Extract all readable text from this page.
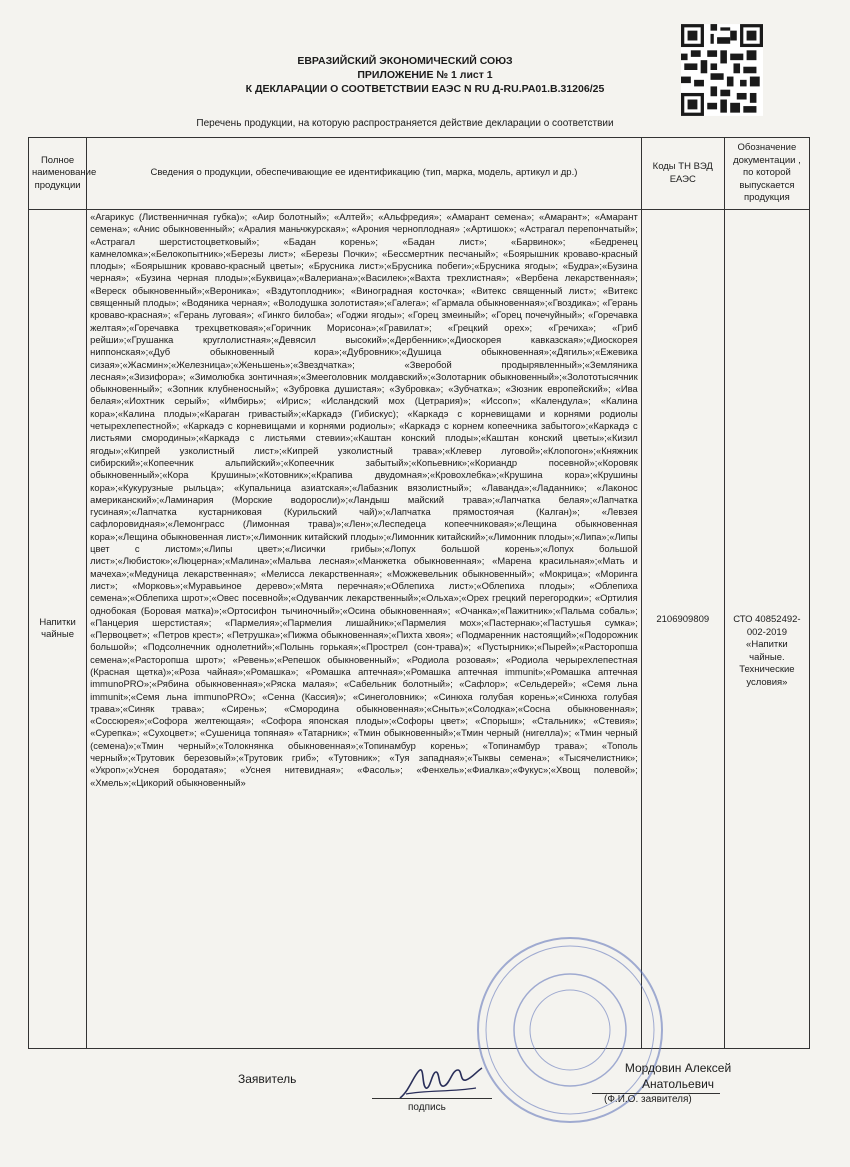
ЕВРАЗИЙСКИЙ ЭКОНОМИЧЕСКИЙ СОЮЗ
ПРИЛОЖЕНИЕ № 1 лист 1
К ДЕКЛАРАЦИИ О СООТВЕТСТВИИ ЕАЭС N RU Д-RU.PA01.B.31206/25
Перечень продукции, на которую распространяется действие декларации о соответствии
Полное наименование продукции	Сведения о продукции, обеспечивающие ее идентификацию (тип, марка, модель, артикул и др.)	Коды ТН ВЭД ЕАЭС	Обозначение документации , по которой выпускается продукция
Напитки чайные	«Агарикус (Лиственничная губка)»; «Аир болотный»; «Алтей»; «Альфредия»; «Амарант семена»; «Амарант»; «Амарант семена»; «Анис обыкновенный»; «Аралия маньчжурская»; «Арония черноплодная» ;«Артишок»; «Астрагал перепончатый»; «Астрагал шерстистоцветковый»; «Бадан корень»; «Бадан лист»; «Барвинок»; «Бедренец камнеломка»;«Белокопытник»;«Березы лист»; «Березы Почки»; «Бессмертник песчаный»; «Боярышник кроваво-красный плоды»; «Боярышник кроваво-красный цветы»; «Брусника лист»;«Брусника побеги»;«Брусника ягоды»; «Будра»;«Бузина черная»; «Бузина черная плоды»;«Буквица»;«Валериана»;«Василек»;«Вахта трехлистная»; «Вербена лекарственная»; «Вереск обыкновенный»;«Вероника»; «Вздутоплодник»; «Виноградная косточка»; «Витекс священный лист»; «Витекс священный плоды»; «Водяника черная»; «Володушка золотистая»;«Галега»; «Гармала обыкновенная»;«Гвоздика»; «Герань кроваво-красная»; «Герань луговая»; «Гинкго билоба»; «Годжи ягоды»; «Горец змеиный»; «Горец почечуйный»; «Горечавка желтая»;«Горечавка трехцветковая»;«Горичник Морисона»;«Гравилат»; «Грецкий орех»; «Гречиха»; «Гриб рейши»;«Грушанка круглолистная»;«Девясил высокий»;«Дербенник»;«Диоскорея кавказская»;«Диоскорея ниппонская»;«Дуб обыкновенный кора»;«Дубровник»;«Душица обыкновенная»;«Дягиль»;«Ежевика сизая»;«Жасмин»;«Железница»;«Женьшень»;«Звездчатка»; «Зверобой продырявленный»;«Земляника лесная»;«Зизифора»; «Зимолюбка зонтичная»;«Змееголовник молдавский»;«Золотарник обыкновенный»;«Золототысячник обыкновенный»; «Зопник клубненосный»; «Зубровка душистая»; «Зубровка»; «Зубчатка»; «Зюзник европейский»; «Ива белая»;«Иохтник серый»; «Имбирь»; «Ирис»; «Исландский мох (Цетрария)»; «Иссоп»; «Календула»; «Калина кора»;«Калина плоды»;«Караган гривастый»;«Каркадэ (Гибискус); «Каркадэ с корневищами и корнями родиолы четырехлепестной»; «Каркадэ с корневищами и корнями родиолы»; «Каркадэ с корнем копеечника забытого»;«Каркадэ с листьями смородины»;«Каркадэ с листьями стевии»;«Каштан конский плоды»;«Каштан конский цветы»;«Кизил ягоды»;«Кипрей узколистный лист»;«Кипрей узколистный трава»;«Клевер луговой»;«Клопогон»;«Княжник сибирский»;«Копеечник альпийский»;«Копеечник забытый»;«Копьевник»;«Кориандр посевной»;«Коровяк обыкновенный»;«Кора Крушины»;«Котовник»;«Крапива двудомная»;«Кровохлебка»;«Крушина кора»;«Крушины кора»;«Кукурузные рыльца»; «Купальница азиатская»;«Лабазник вязолистный»; «Лаванда»;«Ладанник»; «Лаконос американский»;«Ламинария (Морские водоросли)»;«Ландыш майский трава»;«Лапчатка белая»;«Лапчатка гусиная»;«Лапчатка кустарниковая (Курильский чай)»;«Лапчатка прямостоячая (Калган)»; «Левзея сафлоровидная»;«Лемонграсс (Лимонная трава)»;«Лен»;«Леспедеца копеечниковая»;«Лещина обыкновенная кора»;«Лещина обыкновенная лист»;«Лимонник китайский плоды»;«Лимонник китайский»;«Лимонник плоды»;«Липа»;«Липы цвет с листом»;«Липы цвет»;«Лисички грибы»;«Лопух большой корень»;«Лопух большой лист»;«Любисток»;«Люцерна»;«Малина»;«Мальва лесная»;«Манжетка обыкновенная»; «Марена красильная»;«Мать и мачеха»;«Медуница лекарственная»; «Мелисса лекарственная»; «Можжевельник обыкновенный»; «Мокрица»; «Моринга лист»; «Морковь»;«Муравьиное дерево»;«Мята перечная»;«Облепиха лист»;«Облепиха плоды»; «Облепиха семена»;«Облепиха шрот»;«Овес посевной»;«Одуванчик лекарственный»;«Ольха»;«Орех грецкий перегородки»; «Ортилия однобокая (Боровая матка)»;«Ортосифон тычиночный»;«Осина обыкновенная»; «Очанка»;«Пажитник»;«Пальма собаль»; «Панцерия шерстистая»; «Пармелия»;«Пармелия лишайник»;«Пармелия мох»;«Пастернак»;«Пастушья сумка»; «Первоцвет»; «Петров крест»; «Петрушка»;«Пижма обыкновенная»;«Пихта хвоя»; «Подмаренник настоящий»;«Подорожник большой»; «Подсолнечник однолетний»;«Полынь горькая»;«Прострел (сон-трава)»; «Пустырник»;«Пырей»;«Расторопша семена»;«Расторопша шрот»; «Ревень»;«Репешок обыкновенный»; «Родиола розовая»; «Родиола черырехлепестная (Красная щетка)»;«Роза чайная»;«Ромашка»; «Ромашка аптечная»;«Ромашка аптечная immunit»;«Ромашка аптечная immunoPRO»;«Рябина обыкновенная»;«Ряска малая»; «Сабельник болотный»; «Сафлор»; «Сельдерей»; «Семя льна immunit»;«Семя льна immunoPRO»; «Сенна (Кассия)»; «Синеголовник»; «Синюха голубая корень»;«Синюха голубая трава»;«Синяк трава»; «Сирень»; «Смородина обыкновенная»;«Сныть»;«Солодка»;«Сосна обыкновенная»; «Соссюрея»;«Софора желтеющая»; «Софора японская плоды»;«Софоры цвет»; «Спорыш»; «Стальник»; «Стевия»; «Сурепка»; «Сухоцвет»; «Сушеница топяная» «Татарник»; «Тмин обыкновенный»;«Тмин черный (нигелла)»; «Тмин черный (семена)»;«Тмин черный»;«Толокнянка обыкновенная»;«Топинамбур корень»; «Топинамбур трава»; «Тополь черный»;«Трутовик березовый»;«Трутовик гриб»; «Тутовник»; «Туя западная»;«Тыквы семена»; «Тысячелистник»; «Укроп»;«Уснея бородатая»; «Уснея нитевидная»; «Фасоль»; «Фенхель»;«Фиалка»;«Фукус»;«Хвощ полевой»; «Хмель»;«Цикорий обыкновенный»	2106909809	СТО 40852492-002-2019 «Напитки чайные. Технические условия»
Заявитель
подпись
Мордовин Алексей Анатольевич
(Ф.И.О. заявителя)
